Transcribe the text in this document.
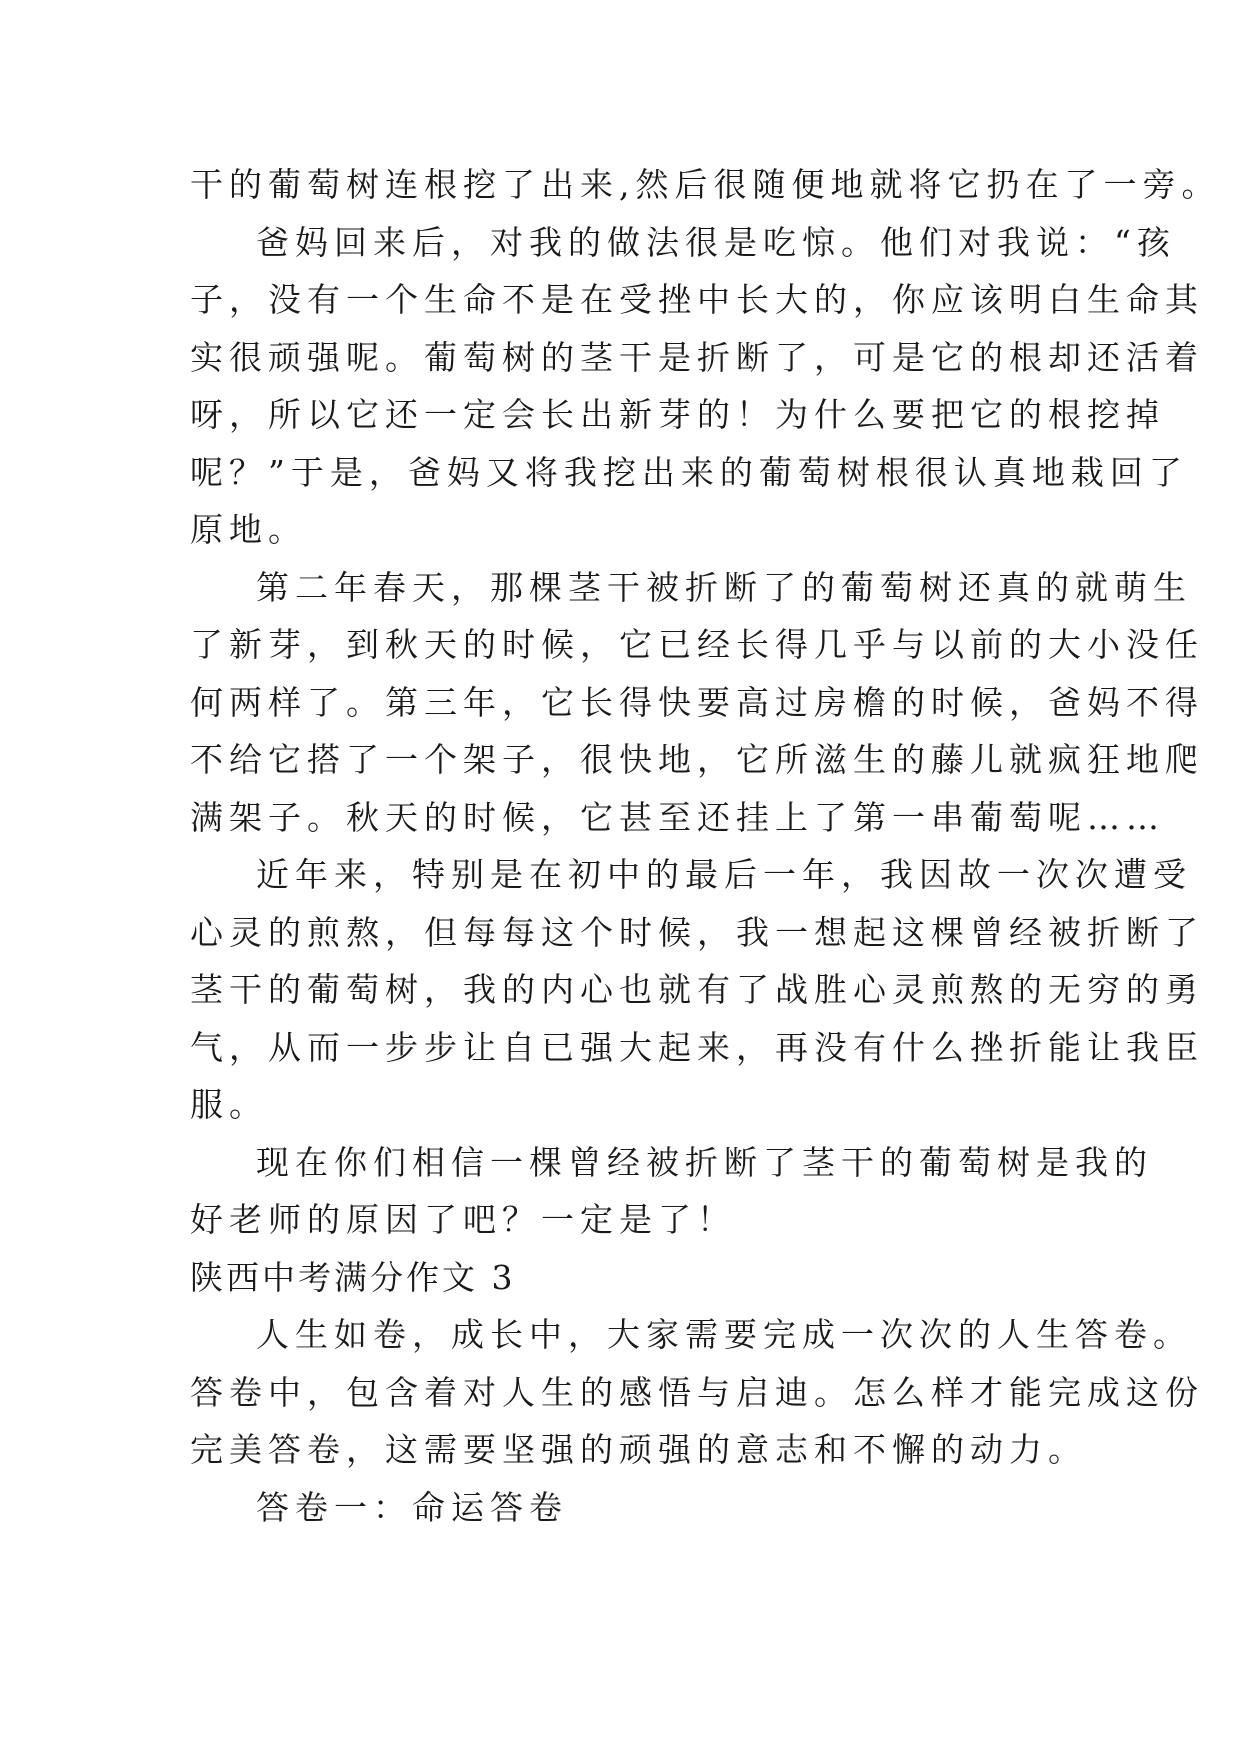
干的葡萄树连根挖了出来,然后很随便地就将它扔在了一旁。
爸妈回来后，对我的做法很是吃惊。他们对我说：“孩
子，没有一个生命不是在受挫中长大的，你应该明白生命其
实很顽强呢。葡萄树的茎干是折断了，可是它的根却还活着
呀，所以它还一定会长出新芽的！为什么要把它的根挖掉
呢？”于是，爸妈又将我挖出来的葡萄树根很认真地栽回了
原地。
第二年春天，那棵茎干被折断了的葡萄树还真的就萌生
了新芽，到秋天的时候，它已经长得几乎与以前的大小没任
何两样了。第三年，它长得快要高过房檐的时候，爸妈不得
不给它搭了一个架子，很快地，它所滋生的藤儿就疯狂地爬
满架子。秋天的时候，它甚至还挂上了第一串葡萄呢……
近年来，特别是在初中的最后一年，我因故一次次遭受
心灵的煎熬，但每每这个时候，我一想起这棵曾经被折断了
茎干的葡萄树，我的内心也就有了战胜心灵煎熬的无穷的勇
气，从而一步步让自已强大起来，再没有什么挫折能让我臣
服。
现在你们相信一棵曾经被折断了茎干的葡萄树是我的
好老师的原因了吧？一定是了！
陕西中考满分作文 3
人生如卷，成长中，大家需要完成一次次的人生答卷。
答卷中，包含着对人生的感悟与启迪。怎么样才能完成这份
完美答卷，这需要坚强的顽强的意志和不懈的动力。
答卷一：命运答卷
